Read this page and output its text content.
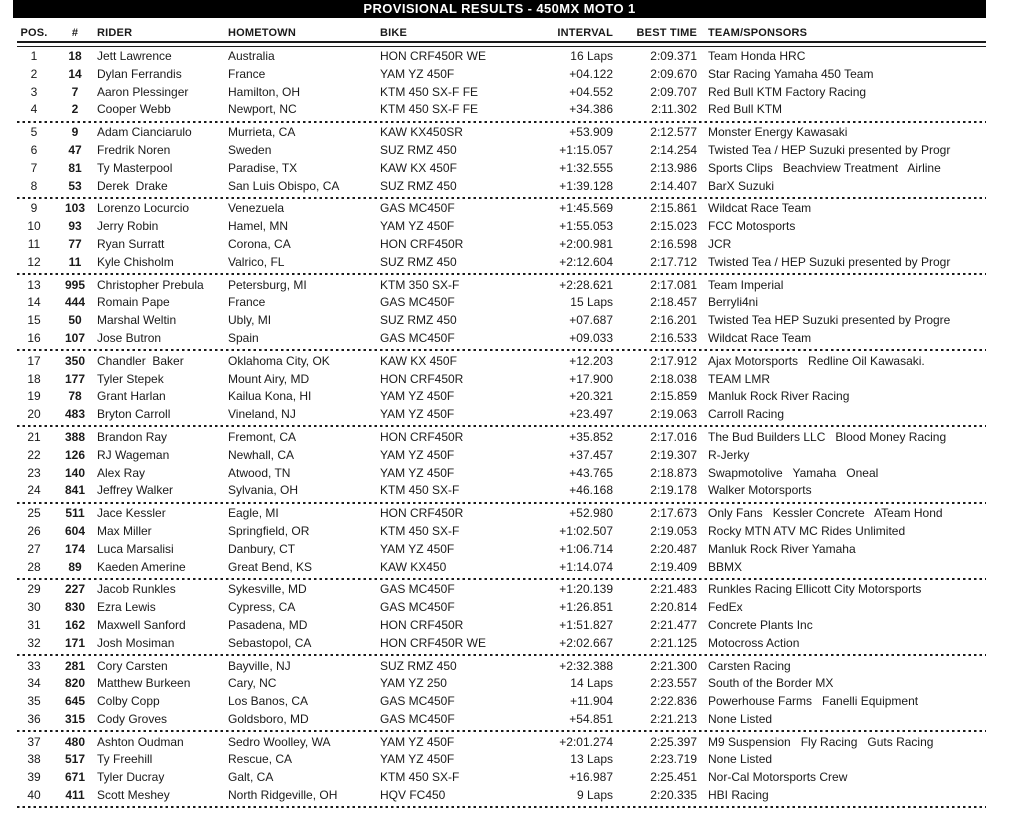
PROVISIONAL RESULTS - 450MX MOTO 1
POS.	#	RIDER	HOMETOWN	BIKE	INTERVAL	BEST TIME TEAM/SPONSORS
1	18	Jett Lawrence	Australia	HON CRF450R WE	16 Laps	2:09.371 Team Honda HRC
2	14	Dylan Ferrandis	France	YAM YZ 450F	+04.122	2:09.670 Star Racing Yamaha 450 Team
3	7	Aaron Plessinger	Hamilton, OH	KTM 450 SX-F FE	+04.552	2:09.707 Red Bull KTM Factory Racing
4	2	Cooper Webb	Newport, NC	KTM 450 SX-F FE	+34.386	2:11.302 Red Bull KTM
5	9	Adam Cianciarulo	Murrieta, CA	KAW KX450SR	+53.909	2:12.577 Monster Energy Kawasaki
6	47	Fredrik Noren	Sweden	SUZ RMZ 450	+1:15.057	2:14.254 Twisted Tea / HEP Suzuki presented by Progr
7	81	Ty Masterpool	Paradise, TX	KAW KX 450F	+1:32.555	2:13.986 Sports Clips   Beachview Treatment   Airline
8	53	Derek  Drake	San Luis Obispo, CA	SUZ RMZ 450	+1:39.128	2:14.407 BarX Suzuki
9	103 Lorenzo Locurcio	Venezuela	GAS MC450F	+1:45.569	2:15.861 Wildcat Race Team
10	93	Jerry Robin	Hamel, MN	YAM YZ 450F	+1:55.053	2:15.023 FCC Motosports
11	77	Ryan Surratt	Corona, CA	HON CRF450R	+2:00.981	2:16.598 JCR
12	11	Kyle Chisholm	Valrico, FL	SUZ RMZ 450	+2:12.604	2:17.712 Twisted Tea / HEP Suzuki presented by Progr
13	995 Christopher Prebula	Petersburg, MI	KTM 350 SX-F	+2:28.621	2:17.081 Team Imperial
14	444 Romain Pape	France	GAS MC450F	15 Laps	2:18.457 Berryli4ni
15	50	Marshal Weltin	Ubly, MI	SUZ RMZ 450	+07.687	2:16.201 Twisted Tea HEP Suzuki presented by Progre
16	107 Jose Butron	Spain	GAS MC450F	+09.033	2:16.533 Wildcat Race Team
17	350 Chandler  Baker	Oklahoma City, OK	KAW KX 450F	+12.203	2:17.912 Ajax Motorsports   Redline Oil Kawasaki.
18	177 Tyler Stepek	Mount Airy, MD	HON CRF450R	+17.900	2:18.038 TEAM LMR
19	78	Grant Harlan	Kailua Kona, HI	YAM YZ 450F	+20.321	2:15.859 Manluk Rock River Racing
20	483 Bryton Carroll	Vineland, NJ	YAM YZ 450F	+23.497	2:19.063 Carroll Racing
21	388 Brandon Ray	Fremont, CA	HON CRF450R	+35.852	2:17.016 The Bud Builders LLC   Blood Money Racing
22	126 RJ Wageman	Newhall, CA	YAM YZ 450F	+37.457	2:19.307 R-Jerky
23	140 Alex Ray	Atwood, TN	YAM YZ 450F	+43.765	2:18.873 Swapmotolive   Yamaha   Oneal
24	841 Jeffrey Walker	Sylvania, OH	KTM 450 SX-F	+46.168	2:19.178 Walker Motorsports
25	511	Jace Kessler	Eagle, MI	HON CRF450R	+52.980	2:17.673 Only Fans   Kessler Concrete   ATeam Hond
26	604 Max Miller	Springfield, OR	KTM 450 SX-F	+1:02.507	2:19.053 Rocky MTN ATV MC Rides Unlimited
27	174 Luca Marsalisi	Danbury, CT	YAM YZ 450F	+1:06.714	2:20.487 Manluk Rock River Yamaha
28	89	Kaeden Amerine	Great Bend, KS	KAW KX450	+1:14.074	2:19.409 BBMX
29	227 Jacob Runkles	Sykesville, MD	GAS MC450F	+1:20.139	2:21.483 Runkles Racing Ellicott City Motorsports
30	830 Ezra Lewis	Cypress, CA	GAS MC450F	+1:26.851	2:20.814 FedEx
31	162 Maxwell Sanford	Pasadena, MD	HON CRF450R	+1:51.827	2:21.477 Concrete Plants Inc
32	171 Josh Mosiman	Sebastopol, CA	HON CRF450R WE	+2:02.667	2:21.125 Motocross Action
33	281 Cory Carsten	Bayville, NJ	SUZ RMZ 450	+2:32.388	2:21.300 Carsten Racing
34	820 Matthew Burkeen	Cary, NC	YAM YZ 250	14 Laps	2:23.557 South of the Border MX
35	645 Colby Copp	Los Banos, CA	GAS MC450F	+11.904	2:22.836 Powerhouse Farms   Fanelli Equipment
36	315 Cody Groves	Goldsboro, MD	GAS MC450F	+54.851	2:21.213 None Listed
37	480 Ashton Oudman	Sedro Woolley, WA	YAM YZ 450F	+2:01.274	2:25.397 M9 Suspension   Fly Racing   Guts Racing
38	517 Ty Freehill	Rescue, CA	YAM YZ 450F	13 Laps	2:23.719 None Listed
39	671 Tyler Ducray	Galt, CA	KTM 450 SX-F	+16.987	2:25.451 Nor-Cal Motorsports Crew
40	411	Scott Meshey	North Ridgeville, OH	HQV FC450	9 Laps	2:20.335 HBI Racing
